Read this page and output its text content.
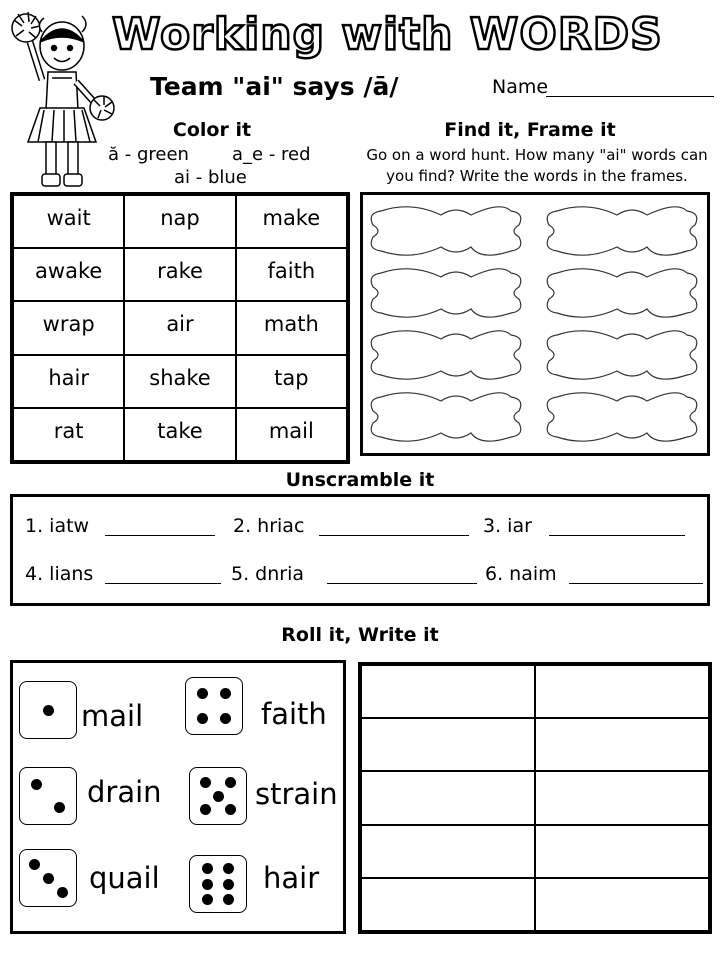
Working with WORDS
Team "ai" says /ā/	Name
Color it
ă - green a_e - red
ai - blue
wait	nap	make
awake	rake	faith
wrap	air	math
hair	shake	tap
rat	take	mail
Find it, Frame it
Go on a word hunt. How many "ai" words can
you find? Write the words in the frames.
Unscramble it
1. iatw	2. hriac	3. iar
4. lians	5. dnria	6. naim
Roll it, Write it
mail	faith
drain	strain
quail	hair
